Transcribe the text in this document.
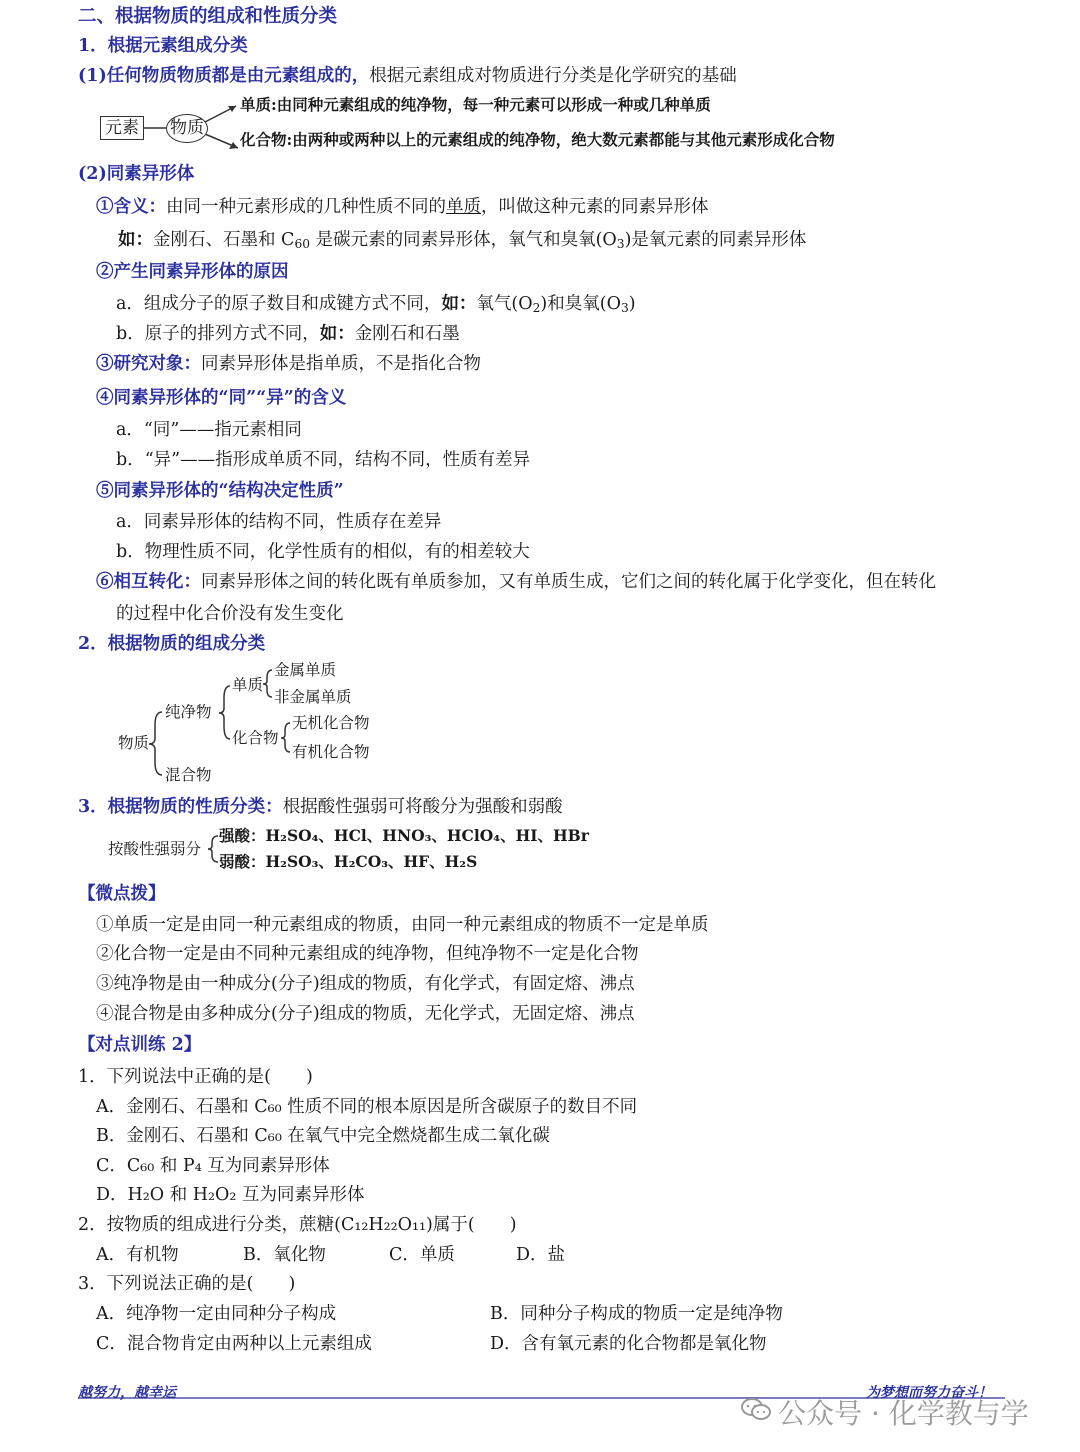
二、根据物质的组成和性质分类
1．根据元素组成分类
(1)任何物质物质都是由元素组成的，根据元素组成对物质进行分类是化学研究的基础
元素 物质
单质:由同种元素组成的纯净物，每一种元素可以形成一种或几种单质
化合物:由两种或两种以上的元素组成的纯净物，绝大数元素都能与其他元素形成化合物
(2)同素异形体
①含义：由同一种元素形成的几种性质不同的单质，叫做这种元素的同素异形体
如：金刚石、石墨和 $C_{60}$ 是碳元素的同素异形体，氧气和臭氧$(O_3)$是氧元素的同素异形体
②产生同素异形体的原因
a．组成分子的原子数目和成键方式不同，如：氧气$(O_2)$和臭氧$(O_3)$
b．原子的排列方式不同，如：金刚石和石墨
③研究对象：同素异形体是指单质，不是指化合物
④同素异形体的“同”“异”的含义
a．“同”——指元素相同
b．“异”——指形成单质不同，结构不同，性质有差异
⑤同素异形体的“结构决定性质”
a．同素异形体的结构不同，性质存在差异
b．物理性质不同，化学性质有的相似，有的相差较大
⑥相互转化：同素异形体之间的转化既有单质参加，又有单质生成，它们之间的转化属于化学变化，但在转化
的过程中化合价没有发生变化
2．根据物质的组成分类
物质
纯净物
混合物
单质
化合物
金属单质
非金属单质
无机化合物
有机化合物
3．根据物质的性质分类：根据酸性强弱可将酸分为强酸和弱酸
按酸性强弱分
强酸：H₂SO₄、HCl、HNO₃、HClO₄、HI、HBr
弱酸：H₂SO₃、H₂CO₃、HF、H₂S
【微点拨】
①单质一定是由同一种元素组成的物质，由同一种元素组成的物质不一定是单质
②化合物一定是由不同种元素组成的纯净物，但纯净物不一定是化合物
③纯净物是由一种成分(分子)组成的物质，有化学式，有固定熔、沸点
④混合物是由多种成分(分子)组成的物质，无化学式，无固定熔、沸点
【对点训练 2】
1．下列说法中正确的是(　　)
A．金刚石、石墨和 C₆₀ 性质不同的根本原因是所含碳原子的数目不同
B．金刚石、石墨和 C₆₀ 在氧气中完全燃烧都生成二氧化碳
C．C₆₀ 和 P₄ 互为同素异形体
D．H₂O 和 H₂O₂ 互为同素异形体
2．按物质的组成进行分类，蔗糖(C₁₂H₂₂O₁₁)属于(　　)
A．有机物	B．氧化物	C．单质	D．盐
3．下列说法正确的是(　　)
A．纯净物一定由同种分子构成	B．同种分子构成的物质一定是纯净物
C．混合物肯定由两种以上元素组成	D．含有氧元素的化合物都是氧化物
越努力，越幸运	为梦想而努力奋斗！
公众号 · 化学教与学
